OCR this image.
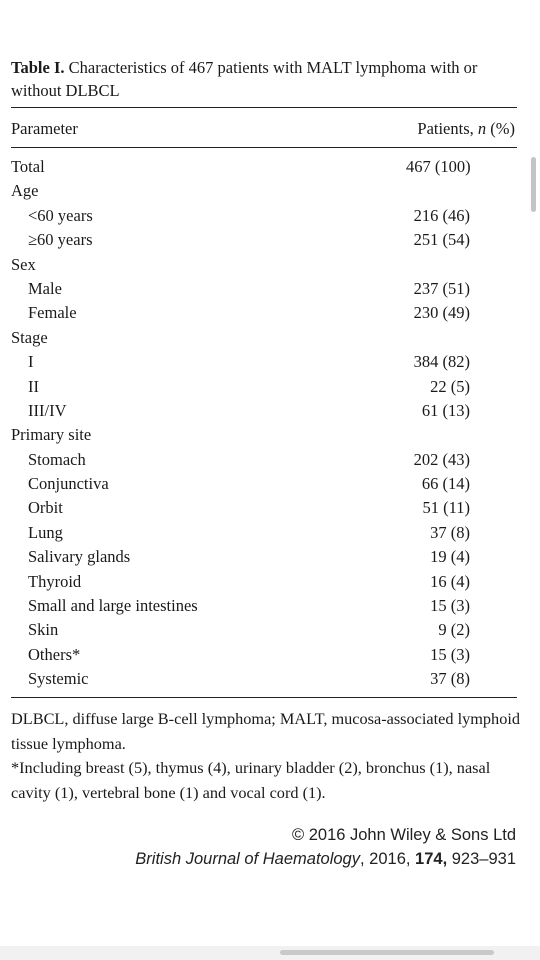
Table I. Characteristics of 467 patients with MALT lymphoma with or without DLBCL
Parameter	Patients, n (%)
Total	467 (100)
Age
<60 years	216 (46)
≥60 years	251 (54)
Sex
Male	237 (51)
Female	230 (49)
Stage
I	384 (82)
II	22 (5)
III/IV	61 (13)
Primary site
Stomach	202 (43)
Conjunctiva	66 (14)
Orbit	51 (11)
Lung	37 (8)
Salivary glands	19 (4)
Thyroid	16 (4)
Small and large intestines	15 (3)
Skin	9 (2)
Others*	15 (3)
Systemic	37 (8)
DLBCL, diffuse large B-cell lymphoma; MALT, mucosa-associated lymphoid tissue lymphoma.
*Including breast (5), thymus (4), urinary bladder (2), bronchus (1), nasal cavity (1), vertebral bone (1) and vocal cord (1).
© 2016 John Wiley & Sons Ltd
British Journal of Haematology, 2016, 174, 923–931
